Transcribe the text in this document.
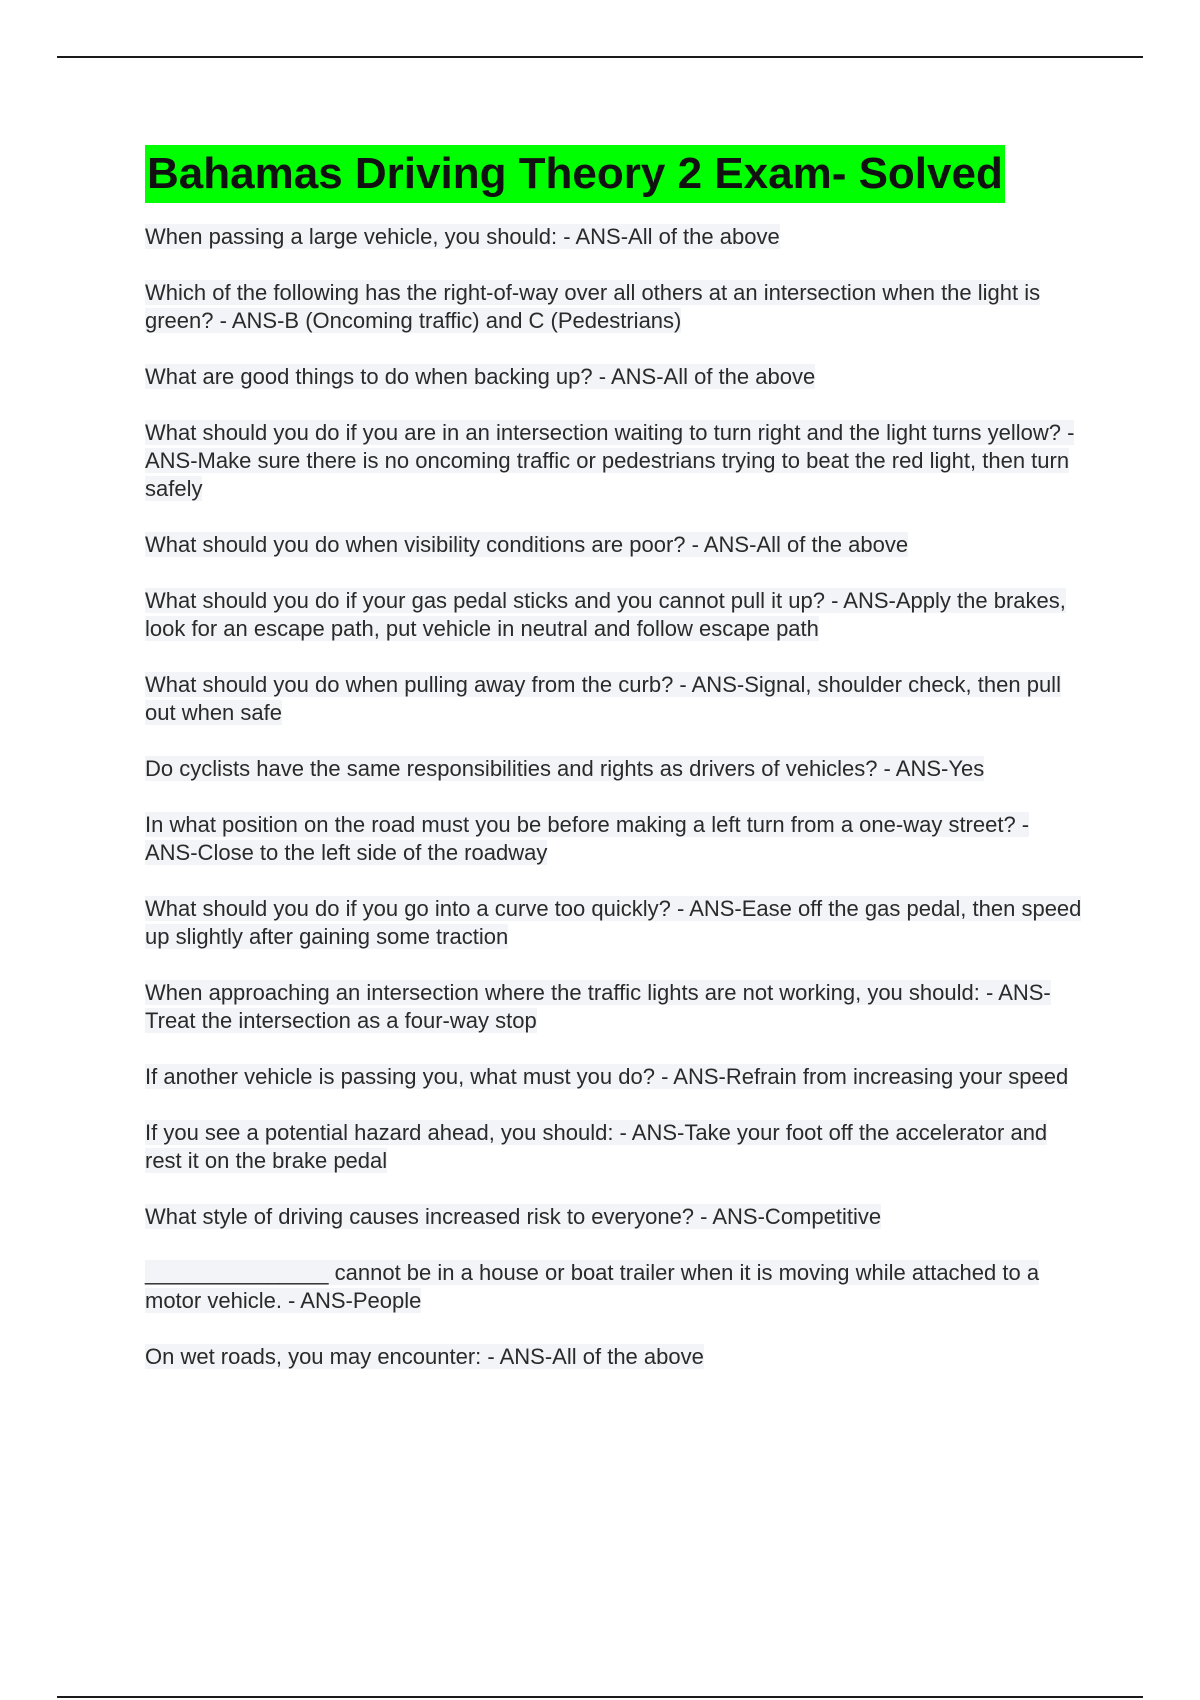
Bahamas Driving Theory 2 Exam- Solved
When passing a large vehicle, you should: - ANS-All of the above
Which of the following has the right-of-way over all others at an intersection when the light is green? - ANS-B (Oncoming traffic) and C (Pedestrians)
What are good things to do when backing up? - ANS-All of the above
What should you do if you are in an intersection waiting to turn right and the light turns yellow? - ANS-Make sure there is no oncoming traffic or pedestrians trying to beat the red light, then turn safely
What should you do when visibility conditions are poor? - ANS-All of the above
What should you do if your gas pedal sticks and you cannot pull it up? - ANS-Apply the brakes, look for an escape path, put vehicle in neutral and follow escape path
What should you do when pulling away from the curb? - ANS-Signal, shoulder check, then pull out when safe
Do cyclists have the same responsibilities and rights as drivers of vehicles? - ANS-Yes
In what position on the road must you be before making a left turn from a one-way street? - ANS-Close to the left side of the roadway
What should you do if you go into a curve too quickly? - ANS-Ease off the gas pedal, then speed up slightly after gaining some traction
When approaching an intersection where the traffic lights are not working, you should: - ANS-Treat the intersection as a four-way stop
If another vehicle is passing you, what must you do? - ANS-Refrain from increasing your speed
If you see a potential hazard ahead, you should: - ANS-Take your foot off the accelerator and rest it on the brake pedal
What style of driving causes increased risk to everyone? - ANS-Competitive
_______________ cannot be in a house or boat trailer when it is moving while attached to a motor vehicle. - ANS-People
On wet roads, you may encounter: - ANS-All of the above
